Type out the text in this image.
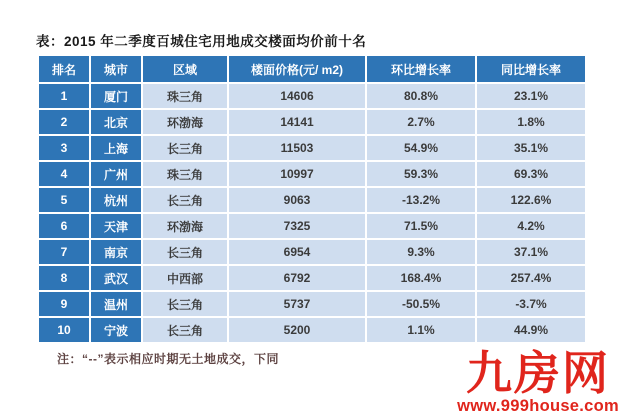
表：2015 年二季度百城住宅用地成交楼面均价前十名
排名	城市	区域	楼面价格(元/ m2)	环比增长率	同比增长率
1	厦门	珠三角	14606	80.8%	23.1%
2	北京	环渤海	14141	2.7%	1.8%
3	上海	长三角	11503	54.9%	35.1%
4	广州	珠三角	10997	59.3%	69.3%
5	杭州	长三角	9063	-13.2%	122.6%
6	天津	环渤海	7325	71.5%	4.2%
7	南京	长三角	6954	9.3%	37.1%
8	武汉	中西部	6792	168.4%	257.4%
9	温州	长三角	5737	-50.5%	-3.7%
10	宁波	长三角	5200	1.1%	44.9%
注：“--”表示相应时期无土地成交，下同	九房网
www.999house.com
